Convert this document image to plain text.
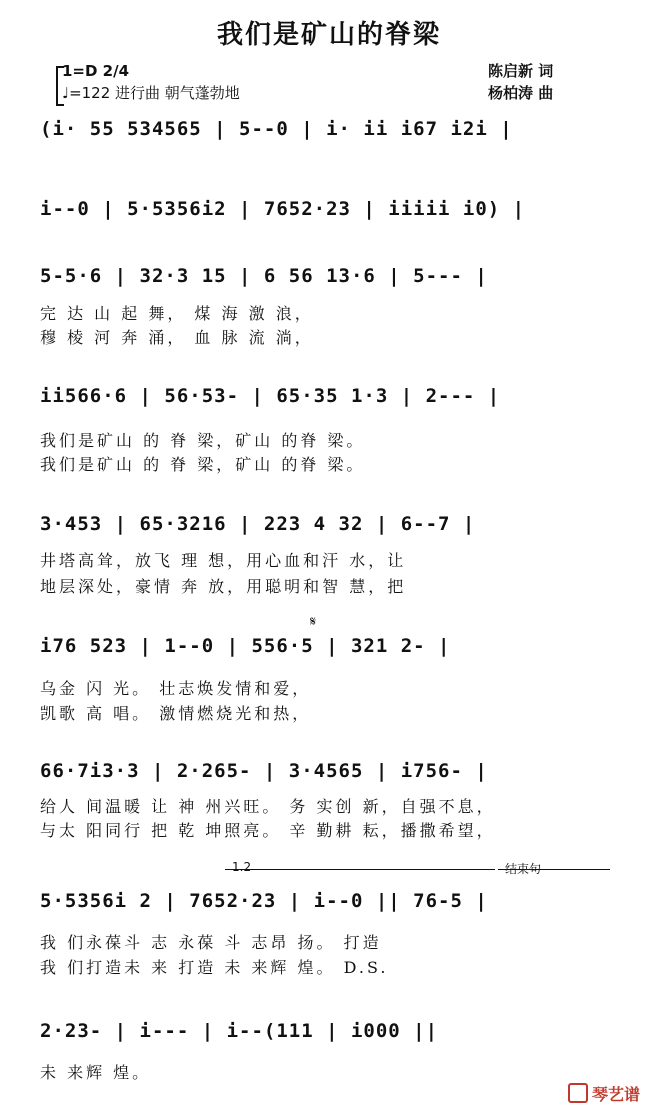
我们是矿山的脊梁
1=D 2/4
♩=122 进行曲 朝气蓬勃地
陈启新 词
杨柏涛 曲
(i· 55 534565 | 5--0 | i· ii i67 i2i |
i--0 | 5·5356i2 | 7652·23 | iiiii i0) |
5-5·6 | 32·3 15 | 6 56 13·6 | 5--- |
完 达 山 起 舞， 煤 海 激 浪，
穆 棱 河 奔 涌， 血 脉 流 淌，
ii566·6 | 56·53- | 65·35 1·3 | 2--- |
我们是矿山 的 脊 梁，矿山 的脊 梁。
我们是矿山 的 脊 梁，矿山 的脊 梁。
3·453 | 65·3216 | 223 4 32 | 6--7 |
井塔高耸，放飞 理 想，用心血和汗 水，让
地层深处，豪情 奔 放，用聪明和智 慧，把
𝄋
i76 523 | 1--0 | 556·5 | 321 2- |
乌金 闪 光。 壮志焕发情和爱，
凯歌 高 唱。 激情燃烧光和热，
66·7i3·3 | 2·265- | 3·4565 | i756- |
给人 间温暖 让 神 州兴旺。 务 实创 新，自强不息，
与太 阳同行 把 乾 坤照亮。 辛 勤耕 耘，播撒希望，
1.2	结束句
5·5356i 2 | 7652·23 | i--0 || 76-5 |
我 们永葆斗 志 永葆 斗 志昂 扬。 打造
我 们打造未 来 打造 未 来辉 煌。 D.S.
2·23- | i--- | i--(111 | i000 ||
未 来辉 煌。
琴艺谱
